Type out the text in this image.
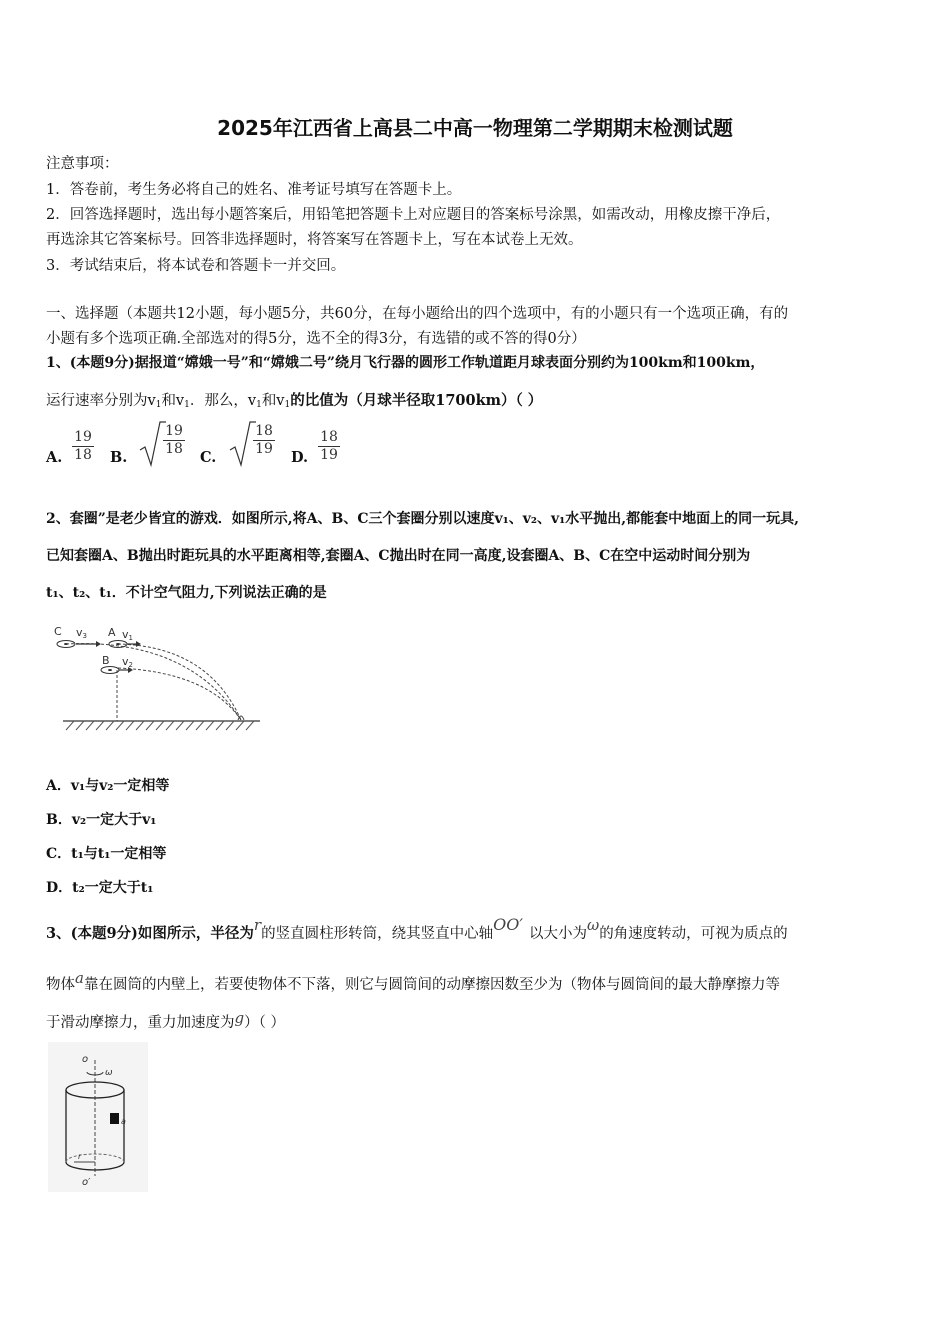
2025年江西省上高县二中高一物理第二学期期末检测试题
注意事项：
1．答卷前，考生务必将自己的姓名、准考证号填写在答题卡上。
2．回答选择题时，选出每小题答案后，用铅笔把答题卡上对应题目的答案标号涂黑，如需改动，用橡皮擦干净后，
再选涂其它答案标号。回答非选择题时，将答案写在答题卡上，写在本试卷上无效。
3．考试结束后，将本试卷和答题卡一并交回。
一、选择题（本题共12小题，每小题5分，共60分，在每小题给出的四个选项中，有的小题只有一个选项正确，有的
小题有多个选项正确.全部选对的得5分，选不全的得3分，有选错的或不答的得0分）
1、(本题9分)据报道“嫦娥一号”和“嫦娥二号”绕月飞行器的圆形工作轨道距月球表面分别约为100km和100km，
运行速率分别为$v_1$和$v_1$．那么，$v_1$和$v_1$的比值为（月球半径取1700km）（ ）
A. $\frac{19}{18} B$.	$\frac{19}{18} C$.	$\frac{18}{19} D$. $\frac{18}{19}$
2、套圈”是老少皆宜的游戏．如图所示,将A、B、C三个套圈分别以速度v₁、v₂、v₁水平抛出,都能套中地面上的同一玩具,
已知套圈A、B抛出时距玩具的水平距离相等,套圈A、C抛出时在同一高度,设套圈A、B、C在空中运动时间分别为
t₁、t₂、t₁．不计空气阻力,下列说法正确的是
C v3 A v1
B v2
A．v₁与v₂一定相等
B．v₂一定大于v₁
C．t₁与t₁一定相等
D．t₂一定大于t₁
3、(本题9分)如图所示，半径为r的竖直圆柱形转筒，绕其竖直中心轴OO′ 以大小为ω的角速度转动，可视为质点的
物体a靠在圆筒的内壁上，若要使物体不下落，则它与圆筒间的动摩擦因数至少为（物体与圆筒间的最大静摩擦力等
于滑动摩擦力，重力加速度为g）（ ）
o
ω
a
r
o′
